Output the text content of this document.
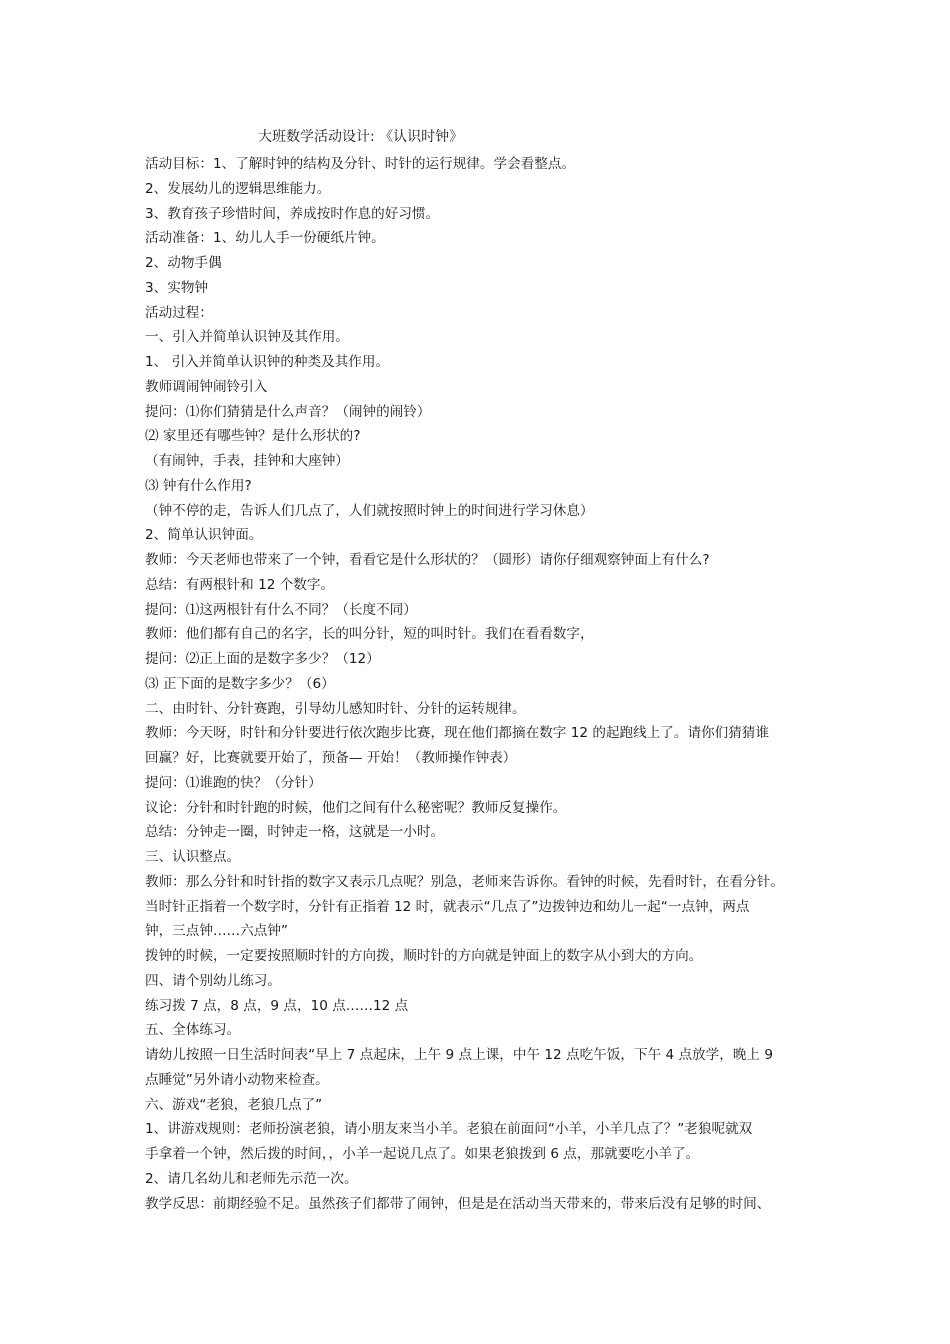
大班数学活动设计: 《认识时钟》
活动目标：1、了解时钟的结构及分针、时针的运行规律。学会看整点。
2、发展幼儿的逻辑思维能力。
3、教育孩子珍惜时间，养成按时作息的好习惯。
活动准备：1、幼儿人手一份硬纸片钟。
2、动物手偶
3、实物钟
活动过程：
一、引入并简单认识钟及其作用。
1、 引入并简单认识钟的种类及其作用。
教师调闹钟闹铃引入
提问：⑴你们猜猜是什么声音？（闹钟的闹铃）
⑵ 家里还有哪些钟？是什么形状的?
（有闹钟，手表，挂钟和大座钟）
⑶ 钟有什么作用?
（钟不停的走，告诉人们几点了，人们就按照时钟上的时间进行学习休息）
2、简单认识钟面。
教师：今天老师也带来了一个钟，看看它是什么形状的？（圆形）请你仔细观察钟面上有什么?
总结：有两根针和 12 个数字。
提问：⑴这两根针有什么不同？（长度不同）
教师：他们都有自己的名字，长的叫分针，短的叫时针。我们在看看数字，
提问：⑵正上面的是数字多少？（12）
⑶ 正下面的是数字多少？（6）
二、由时针、分针赛跑，引导幼儿感知时针、分针的运转规律。
教师：今天呀，时针和分针要进行依次跑步比赛，现在他们都摘在数字 12 的起跑线上了。请你们猜猜谁
回赢？好，比赛就要开始了，预备— 开始！（教师操作钟表）
提问：⑴谁跑的快？（分针）
议论：分针和时针跑的时候，他们之间有什么秘密呢？教师反复操作。
总结：分钟走一圈，时钟走一格，这就是一小时。
三、认识整点。
教师：那么分针和时针指的数字又表示几点呢？别急，老师来告诉你。看钟的时候，先看时针，在看分针。
当时针正指着一个数字时，分针有正指着 12 时，就表示“几点了”边拨钟边和幼儿一起“一点钟，两点
钟，三点钟……六点钟”
拨钟的时候，一定要按照顺时针的方向拨，顺时针的方向就是钟面上的数字从小到大的方向。
四、请个别幼儿练习。
练习拨 7 点，8 点，9 点，10 点……12 点
五、全体练习。
请幼儿按照一日生活时间表“早上 7 点起床，上午 9 点上课，中午 12 点吃午饭，下午 4 点放学，晚上 9
点睡觉”另外请小动物来检查。
六、游戏“老狼，老狼几点了”
1、讲游戏规则：老师扮演老狼，请小朋友来当小羊。老狼在前面问“小羊，小羊几点了？”老狼呢就双
手拿着一个钟，然后拨的时间，，小羊一起说几点了。如果老狼拨到 6 点，那就要吃小羊了。
2、请几名幼儿和老师先示范一次。
教学反思：前期经验不足。虽然孩子们都带了闹钟，但是是在活动当天带来的，带来后没有足够的时间、
